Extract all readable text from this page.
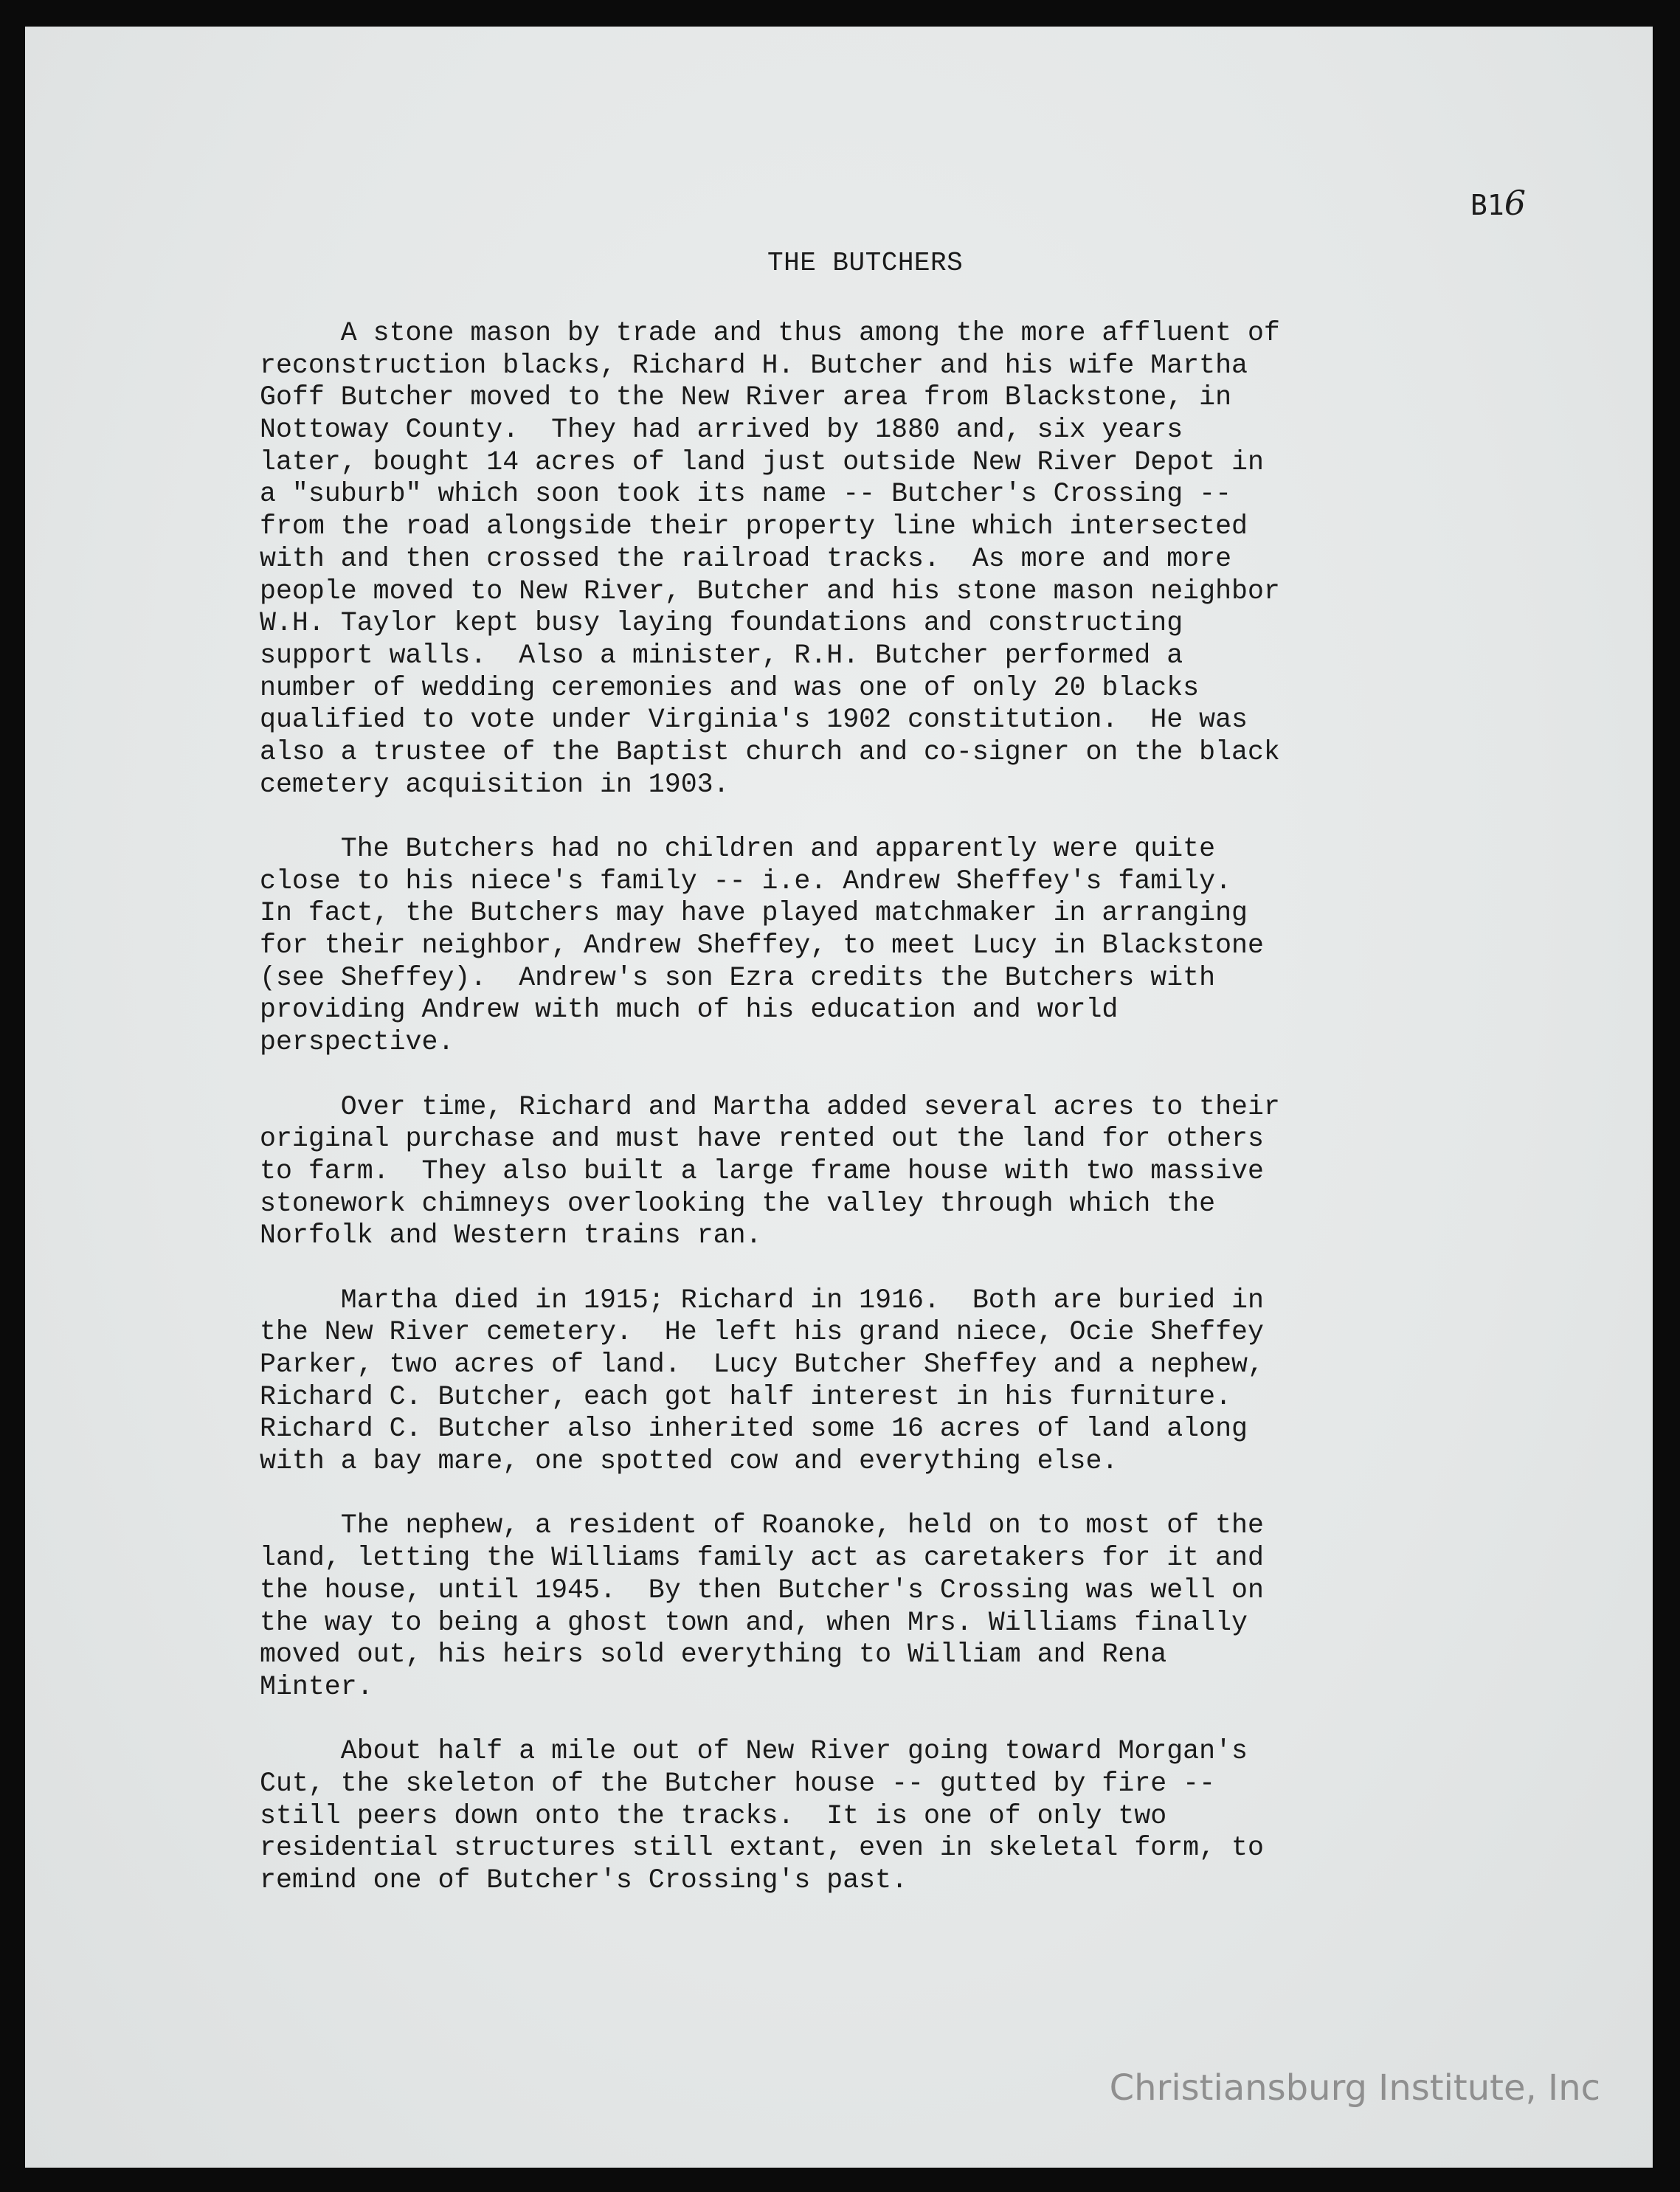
B16
THE BUTCHERS
A stone mason by trade and thus among the more affluent of
reconstruction blacks, Richard H. Butcher and his wife Martha
Goff Butcher moved to the New River area from Blackstone, in
Nottoway County.  They had arrived by 1880 and, six years
later, bought 14 acres of land just outside New River Depot in
a "suburb" which soon took its name -- Butcher's Crossing --
from the road alongside their property line which intersected
with and then crossed the railroad tracks.  As more and more
people moved to New River, Butcher and his stone mason neighbor
W.H. Taylor kept busy laying foundations and constructing
support walls.  Also a minister, R.H. Butcher performed a
number of wedding ceremonies and was one of only 20 blacks
qualified to vote under Virginia's 1902 constitution.  He was
also a trustee of the Baptist church and co-signer on the black
cemetery acquisition in 1903.
The Butchers had no children and apparently were quite
close to his niece's family -- i.e. Andrew Sheffey's family.
In fact, the Butchers may have played matchmaker in arranging
for their neighbor, Andrew Sheffey, to meet Lucy in Blackstone
(see Sheffey).  Andrew's son Ezra credits the Butchers with
providing Andrew with much of his education and world
perspective.
Over time, Richard and Martha added several acres to their
original purchase and must have rented out the land for others
to farm.  They also built a large frame house with two massive
stonework chimneys overlooking the valley through which the
Norfolk and Western trains ran.
Martha died in 1915; Richard in 1916.  Both are buried in
the New River cemetery.  He left his grand niece, Ocie Sheffey
Parker, two acres of land.  Lucy Butcher Sheffey and a nephew,
Richard C. Butcher, each got half interest in his furniture.
Richard C. Butcher also inherited some 16 acres of land along
with a bay mare, one spotted cow and everything else.
The nephew, a resident of Roanoke, held on to most of the
land, letting the Williams family act as caretakers for it and
the house, until 1945.  By then Butcher's Crossing was well on
the way to being a ghost town and, when Mrs. Williams finally
moved out, his heirs sold everything to William and Rena
Minter.
About half a mile out of New River going toward Morgan's
Cut, the skeleton of the Butcher house -- gutted by fire --
still peers down onto the tracks.  It is one of only two
residential structures still extant, even in skeletal form, to
remind one of Butcher's Crossing's past.
Christiansburg Institute, Inc
